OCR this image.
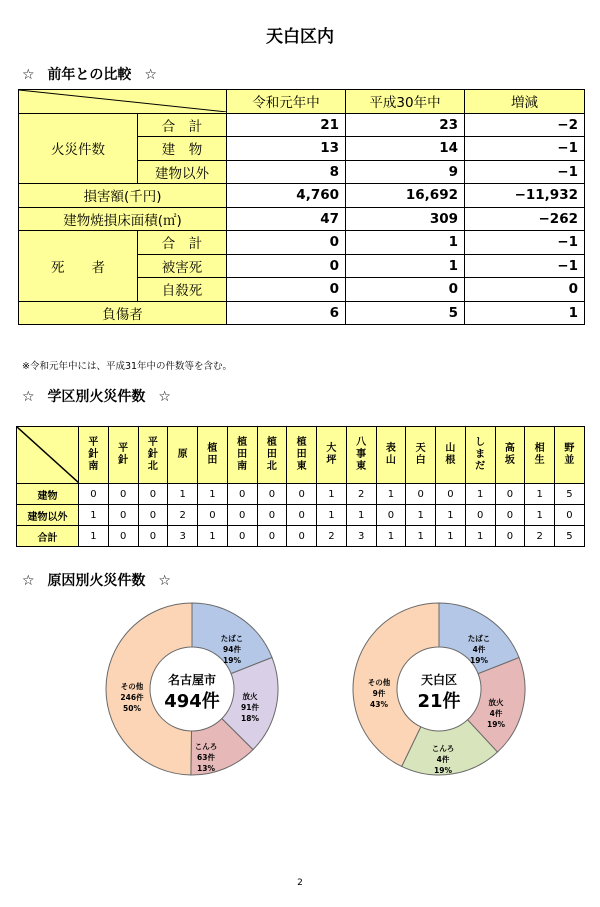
天白区内
☆ 前年との比較 ☆
	令和元年中	平成30年中	増減
火災件数	合　計	21	23	−2
	建　物	13	14	−1
	建物以外	8	9	−1
損害額(千円)		4,760	16,692	−11,932
建物焼損床面積(㎡)		47	309	−262
死　　者	合　計	0	1	−1
	被害死	0	1	−1
	自殺死	0	0	0
負傷者		6	5	1
※令和元年中には、平成31年中の件数等を含む。
☆ 学区別火災件数 ☆
	平針南	平針	平針北	原	植田	植田南	植田北	植田東	大坪	八事東	表山	天白	山根	しまだ	高坂	相生	野並
建物	0	0	0	1	1	0	0	0	1	2	1	0	0	1	0	1	5
建物以外	1	0	0	2	0	0	0	0	1	1	0	1	1	0	0	1	0
合計	1	0	0	3	1	0	0	0	2	3	1	1	1	1	0	2	5
☆ 原因別火災件数 ☆
たばこ
94件
19%
放火
91件
18%
こんろ
63件
13%
その他
246件
50%
名古屋市
494件
たばこ
4件
19%
放火
4件
19%
こんろ
4件
19%
その他
9件
43%
天白区
21件
2
